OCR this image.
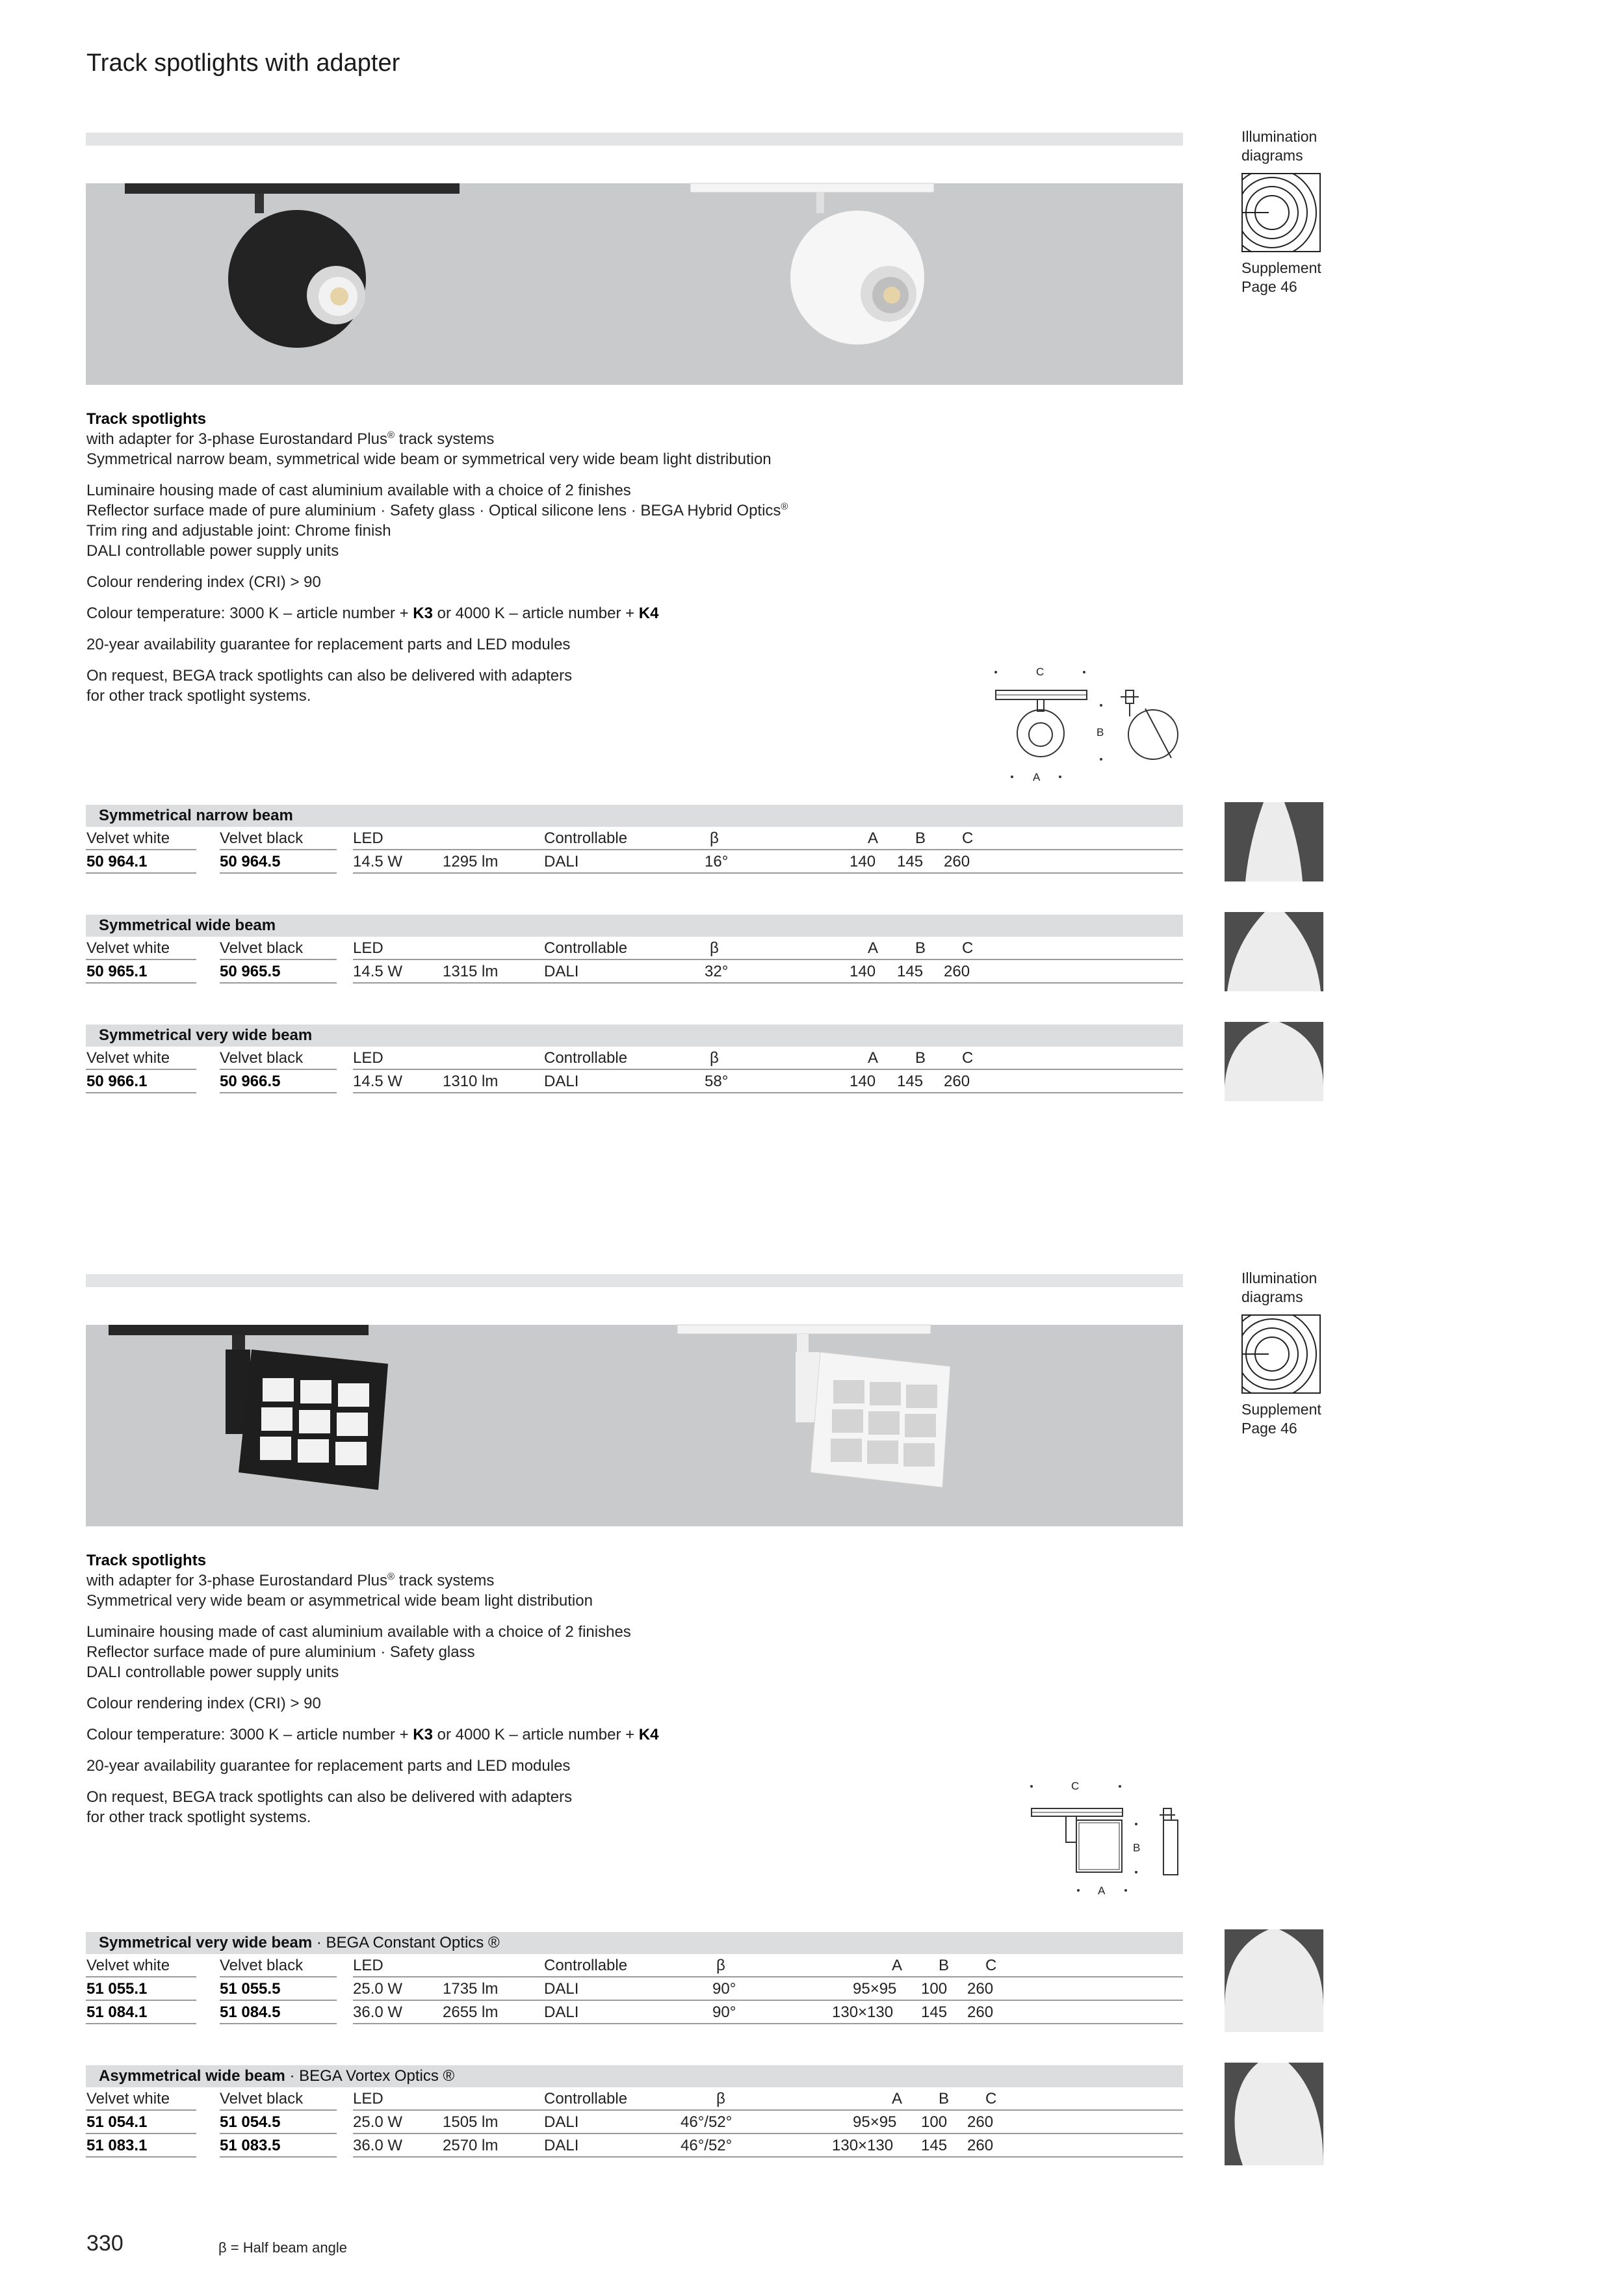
Track spotlights with adapter
Illumination
diagrams
Supplement
Page 46
Track spotlights
with adapter for 3-phase Eurostandard Plus® track systems
Symmetrical narrow beam, symmetrical wide beam or symmetrical very wide beam light distribution
Luminaire housing made of cast aluminium available with a choice of 2 finishes
Reflector surface made of pure aluminium · Safety glass · Optical silicone lens · BEGA Hybrid Optics®
Trim ring and adjustable joint: Chrome finish
DALI controllable power supply units
Colour rendering index (CRI) > 90
Colour temperature: 3000 K – article number + K3 or 4000 K – article number + K4
20-year availability guarantee for replacement parts and LED modules
On request, BEGA track spotlights can also be delivered with adapters
for other track spotlight systems.
C
B
A
Symmetrical narrow beam
Velvet white	Velvet black	LED	Controllable	β	A B C
50 964.1	50 964.5	14.5 W	1295 lm	DALI	16°	140 145 260
Symmetrical wide beam
Velvet white	Velvet black	LED	Controllable	β	A B C
50 965.1	50 965.5	14.5 W	1315 lm	DALI	32°	140 145 260
Symmetrical very wide beam
Velvet white	Velvet black	LED	Controllable	β	A B C
50 966.1	50 966.5	14.5 W	1310 lm	DALI	58°	140 145 260
Illumination
diagrams
Supplement
Page 46
Track spotlights
with adapter for 3-phase Eurostandard Plus® track systems
Symmetrical very wide beam or asymmetrical wide beam light distribution
Luminaire housing made of cast aluminium available with a choice of 2 finishes
Reflector surface made of pure aluminium · Safety glass
DALI controllable power supply units
Colour rendering index (CRI) > 90
Colour temperature: 3000 K – article number + K3 or 4000 K – article number + K4
20-year availability guarantee for replacement parts and LED modules
On request, BEGA track spotlights can also be delivered with adapters
for other track spotlight systems.
C
B
A
Symmetrical very wide beam · BEGA Constant Optics ®
Velvet white	Velvet black	LED	Controllable	β	A B C
51 055.1	51 055.5	25.0 W	1735 lm	DALI	90°	95×95 100 260
51 084.1	51 084.5	36.0 W	2655 lm	DALI	90°	130×130 145 260
Asymmetrical wide beam · BEGA Vortex Optics ®
Velvet white	Velvet black	LED	Controllable	β	A B C
51 054.1	51 054.5	25.0 W	1505 lm	DALI	46°/52°	95×95 100 260
51 083.1	51 083.5	36.0 W	2570 lm	DALI	46°/52°	130×130 145 260
330	β = Half beam angle
